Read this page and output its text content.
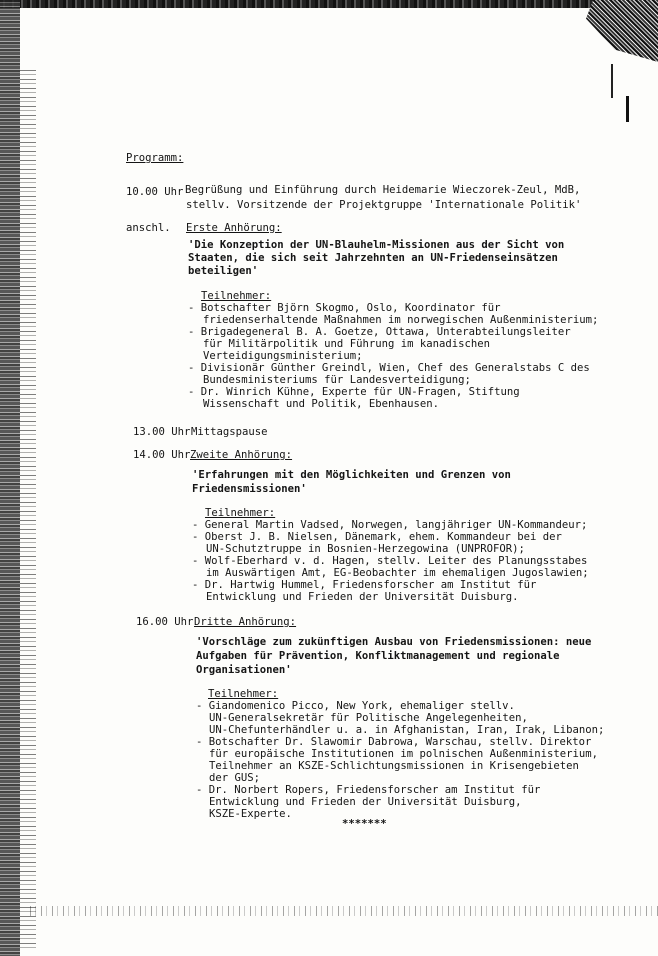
Programm:
10.00 Uhr Begrüßung und Einführung durch Heidemarie Wieczorek-Zeul, MdB,
stellv. Vorsitzende der Projektgruppe 'Internationale Politik'
anschl. Erste Anhörung:
'Die Konzeption der UN-Blauhelm-Missionen aus der Sicht von
Staaten, die sich seit Jahrzehnten an UN-Friedenseinsätzen
beteiligen'
Teilnehmer:
- Botschafter Björn Skogmo, Oslo, Koordinator für
friedenserhaltende Maßnahmen im norwegischen Außenministerium;
- Brigadegeneral B. A. Goetze, Ottawa, Unterabteilungsleiter
für Militärpolitik und Führung im kanadischen
Verteidigungsministerium;
- Divisionär Günther Greindl, Wien, Chef des Generalstabs C des
Bundesministeriums für Landesverteidigung;
- Dr. Winrich Kühne, Experte für UN-Fragen, Stiftung
Wissenschaft und Politik, Ebenhausen.
13.00 Uhr Mittagspause
14.00 Uhr Zweite Anhörung:
'Erfahrungen mit den Möglichkeiten und Grenzen von
Friedensmissionen'
Teilnehmer:
- General Martin Vadsed, Norwegen, langjähriger UN-Kommandeur;
- Oberst J. B. Nielsen, Dänemark, ehem. Kommandeur bei der
UN-Schutztruppe in Bosnien-Herzegowina (UNPROFOR);
- Wolf-Eberhard v. d. Hagen, stellv. Leiter des Planungsstabes
im Auswärtigen Amt, EG-Beobachter im ehemaligen Jugoslawien;
- Dr. Hartwig Hummel, Friedensforscher am Institut für
Entwicklung und Frieden der Universität Duisburg.
16.00 Uhr Dritte Anhörung:
'Vorschläge zum zukünftigen Ausbau von Friedensmissionen: neue
Aufgaben für Prävention, Konfliktmanagement und regionale
Organisationen'
Teilnehmer:
- Giandomenico Picco, New York, ehemaliger stellv.
UN-Generalsekretär für Politische Angelegenheiten,
UN-Chefunterhändler u. a. in Afghanistan, Iran, Irak, Libanon;
- Botschafter Dr. Slawomir Dabrowa, Warschau, stellv. Direktor
für europäische Institutionen im polnischen Außenministerium,
Teilnehmer an KSZE-Schlichtungsmissionen in Krisengebieten
der GUS;
- Dr. Norbert Ropers, Friedensforscher am Institut für
Entwicklung und Frieden der Universität Duisburg,
KSZE-Experte.
*******
